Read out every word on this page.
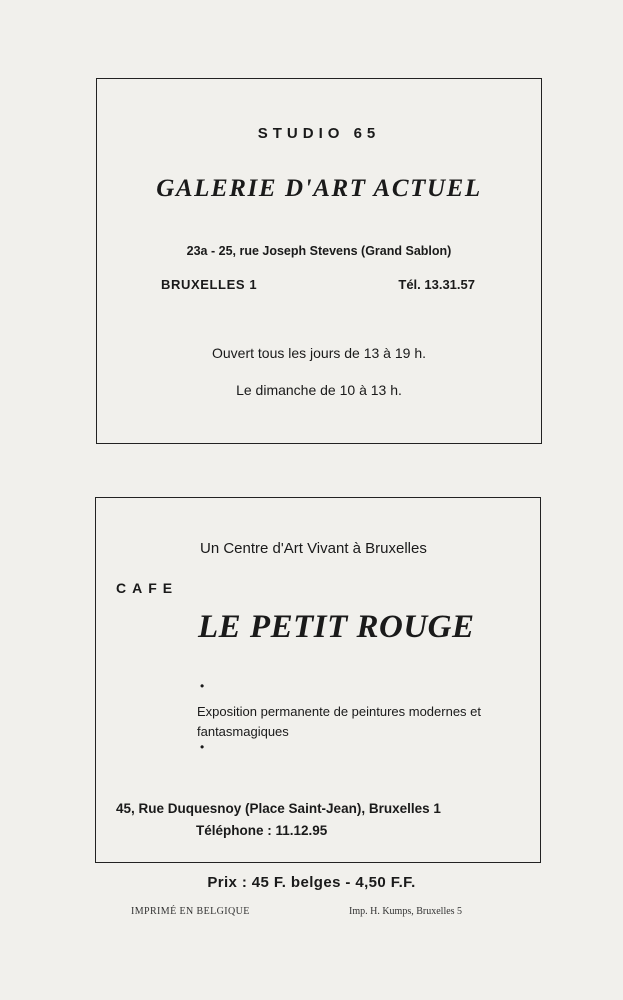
STUDIO 65
GALERIE D'ART ACTUEL
23a - 25, rue Joseph Stevens (Grand Sablon)
BRUXELLES 1	Tél. 13.31.57
Ouvert tous les jours de 13 à 19 h.
Le dimanche de 10 à 13 h.
Un Centre d'Art Vivant à Bruxelles
CAFE
LE PETIT ROUGE
•
Exposition permanente de peintures modernes et fantasmagiques
•
45, Rue Duquesnoy (Place Saint-Jean), Bruxelles 1
Téléphone : 11.12.95
Prix : 45 F. belges - 4,50 F.F.
IMPRIMÉ EN BELGIQUE	Imp. H. Kumps, Bruxelles 5
